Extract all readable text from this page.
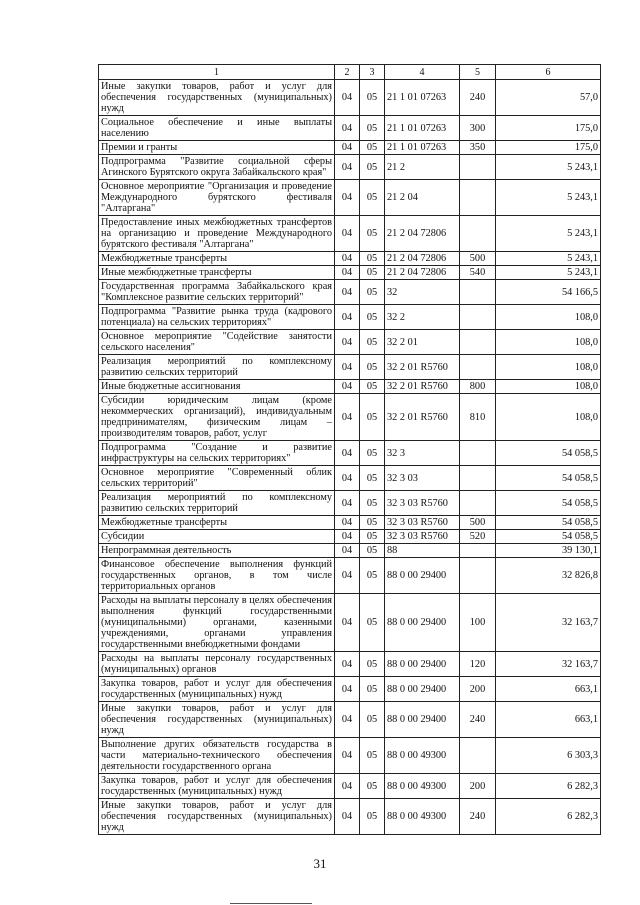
1	2	3	4	5	6
Иные закупки товаров, работ и услуг для обеспечения государственных (муниципальных) нужд	04	05	21 1 01 07263	240	57,0
Социальное обеспечение и иные выплаты населению	04	05	21 1 01 07263	300	175,0
Премии и гранты	04	05	21 1 01 07263	350	175,0
Подпрограмма "Развитие социальной сферы Агинского Бурятского округа Забайкальского края"	04	05	21 2		5 243,1
Основное мероприятие "Организация и проведение Международного бурятского фестиваля "Алтаргана"	04	05	21 2 04		5 243,1
Предоставление иных межбюджетных трансфертов на организацию и проведение Международного бурятского фестиваля "Алтаргана"	04	05	21 2 04 72806		5 243,1
Межбюджетные трансферты	04	05	21 2 04 72806	500	5 243,1
Иные межбюджетные трансферты	04	05	21 2 04 72806	540	5 243,1
Государственная программа Забайкальского края "Комплексное развитие сельских территорий"	04	05	32		54 166,5
Подпрограмма "Развитие рынка труда (кадрового потенциала) на сельских территориях"	04	05	32 2		108,0
Основное мероприятие "Содействие занятости сельского населения"	04	05	32 2 01		108,0
Реализация мероприятий по комплексному развитию сельских территорий	04	05	32 2 01 R5760		108,0
Иные бюджетные ассигнования	04	05	32 2 01 R5760	800	108,0
Субсидии юридическим лицам (кроме некоммерческих организаций), индивидуальным предпринимателям, физическим лицам – производителям товаров, работ, услуг	04	05	32 2 01 R5760	810	108,0
Подпрограмма "Создание и развитие инфраструктуры на сельских территориях"	04	05	32 3		54 058,5
Основное мероприятие "Современный облик сельских территорий"	04	05	32 3 03		54 058,5
Реализация мероприятий по комплексному развитию сельских территорий	04	05	32 3 03 R5760		54 058,5
Межбюджетные трансферты	04	05	32 3 03 R5760	500	54 058,5
Субсидии	04	05	32 3 03 R5760	520	54 058,5
Непрограммная деятельность	04	05	88		39 130,1
Финансовое обеспечение выполнения функций государственных органов, в том числе территориальных органов	04	05	88 0 00 29400		32 826,8
Расходы на выплаты персоналу в целях обеспечения выполнения функций государственными (муниципальными) органами, казенными учреждениями, органами управления государственными внебюджетными фондами	04	05	88 0 00 29400	100	32 163,7
Расходы на выплаты персоналу государственных (муниципальных) органов	04	05	88 0 00 29400	120	32 163,7
Закупка товаров, работ и услуг для обеспечения государственных (муниципальных) нужд	04	05	88 0 00 29400	200	663,1
Иные закупки товаров, работ и услуг для обеспечения государственных (муниципальных) нужд	04	05	88 0 00 29400	240	663,1
Выполнение других обязательств государства в части материально-технического обеспечения деятельности государственного органа	04	05	88 0 00 49300		6 303,3
Закупка товаров, работ и услуг для обеспечения государственных (муниципальных) нужд	04	05	88 0 00 49300	200	6 282,3
Иные закупки товаров, работ и услуг для обеспечения государственных (муниципальных) нужд	04	05	88 0 00 49300	240	6 282,3
31
